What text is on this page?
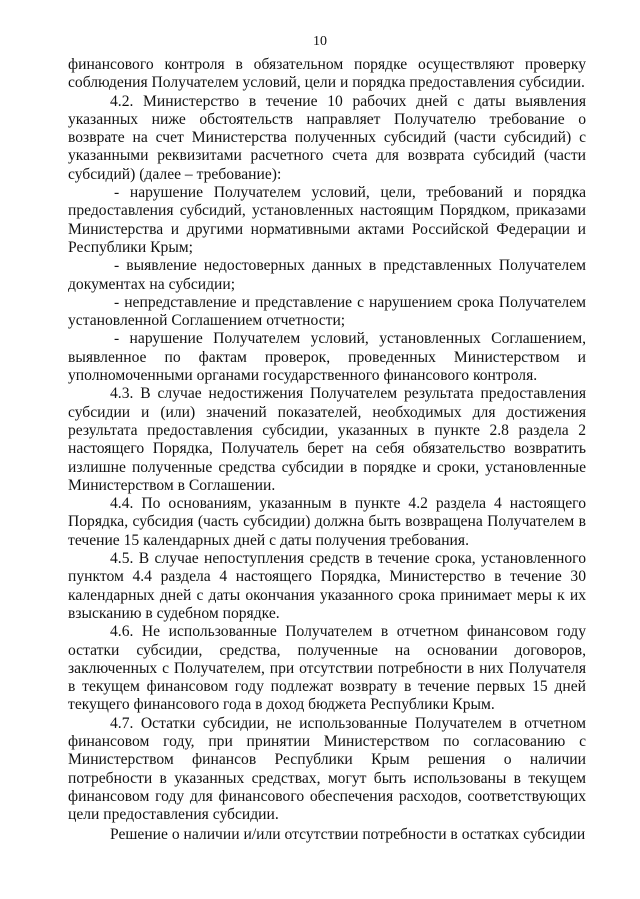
10

финансового контроля в обязательном порядке осуществляют проверку соблюдения Получателем условий, цели и порядка предоставления субсидии.

4.2. Министерство в течение 10 рабочих дней с даты выявления указанных ниже обстоятельств направляет Получателю требование о возврате на счет Министерства полученных субсидий (части субсидий) с указанными реквизитами расчетного счета для возврата субсидий (части субсидий) (далее – требование):

- нарушение Получателем условий, цели, требований и порядка предоставления субсидий, установленных настоящим Порядком, приказами Министерства и другими нормативными актами Российской Федерации и Республики Крым;

- выявление недостоверных данных в представленных Получателем документах на субсидии;

- непредставление и представление с нарушением срока Получателем установленной Соглашением отчетности;

- нарушение Получателем условий, установленных Соглашением, выявленное по фактам проверок, проведенных Министерством и уполномоченными органами государственного финансового контроля.

4.3. В случае недостижения Получателем результата предоставления субсидии и (или) значений показателей, необходимых для достижения результата предоставления субсидии, указанных в пункте 2.8 раздела 2 настоящего Порядка, Получатель берет на себя обязательство возвратить излишне полученные средства субсидии в порядке и сроки, установленные Министерством в Соглашении.

4.4. По основаниям, указанным в пункте 4.2 раздела 4 настоящего Порядка, субсидия (часть субсидии) должна быть возвращена Получателем в течение 15 календарных дней с даты получения требования.

4.5. В случае непоступления средств в течение срока, установленного пунктом 4.4 раздела 4 настоящего Порядка, Министерство в течение 30 календарных дней с даты окончания указанного срока принимает меры к их взысканию в судебном порядке.

4.6. Не использованные Получателем в отчетном финансовом году остатки субсидии, средства, полученные на основании договоров, заключенных с Получателем, при отсутствии потребности в них Получателя в текущем финансовом году подлежат возврату в течение первых 15 дней текущего финансового года в доход бюджета Республики Крым.

4.7. Остатки субсидии, не использованные Получателем в отчетном финансовом году, при принятии Министерством по согласованию с Министерством финансов Республики Крым решения о наличии потребности в указанных средствах, могут быть использованы в текущем финансовом году для финансового обеспечения расходов, соответствующих цели предоставления субсидии.

Решение о наличии и/или отсутствии потребности в остатках субсидии
